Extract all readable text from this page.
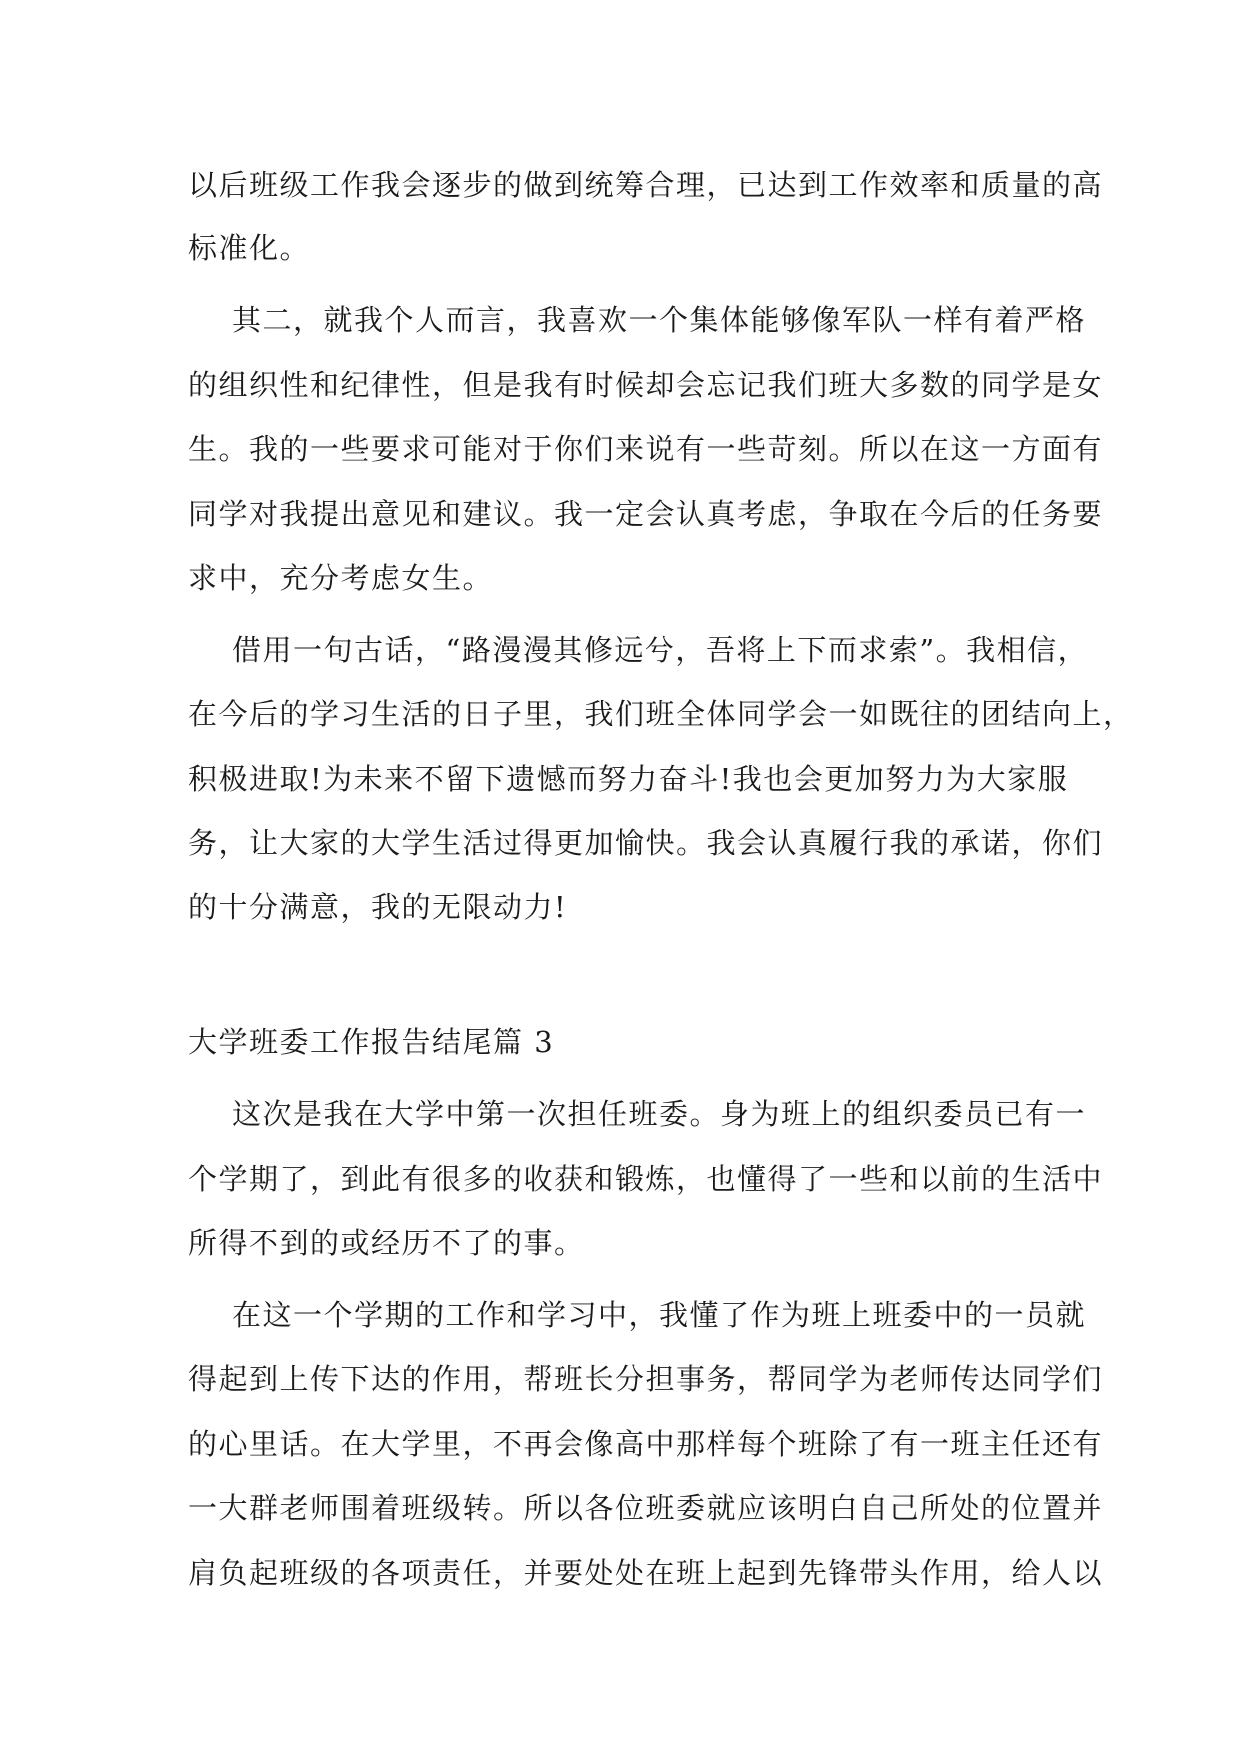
以后班级工作我会逐步的做到统筹合理，已达到工作效率和质量的高
标准化。
其二，就我个人而言，我喜欢一个集体能够像军队一样有着严格
的组织性和纪律性，但是我有时候却会忘记我们班大多数的同学是女
生。我的一些要求可能对于你们来说有一些苛刻。所以在这一方面有
同学对我提出意见和建议。我一定会认真考虑，争取在今后的任务要
求中，充分考虑女生。
借用一句古话，“路漫漫其修远兮，吾将上下而求索”。我相信，
在今后的学习生活的日子里，我们班全体同学会一如既往的团结向上，
积极进取!为未来不留下遗憾而努力奋斗!我也会更加努力为大家服
务，让大家的大学生活过得更加愉快。我会认真履行我的承诺，你们
的十分满意，我的无限动力!
大学班委工作报告结尾篇 3
这次是我在大学中第一次担任班委。身为班上的组织委员已有一
个学期了，到此有很多的收获和锻炼，也懂得了一些和以前的生活中
所得不到的或经历不了的事。
在这一个学期的工作和学习中，我懂了作为班上班委中的一员就
得起到上传下达的作用，帮班长分担事务，帮同学为老师传达同学们
的心里话。在大学里，不再会像高中那样每个班除了有一班主任还有
一大群老师围着班级转。所以各位班委就应该明白自己所处的位置并
肩负起班级的各项责任，并要处处在班上起到先锋带头作用，给人以
